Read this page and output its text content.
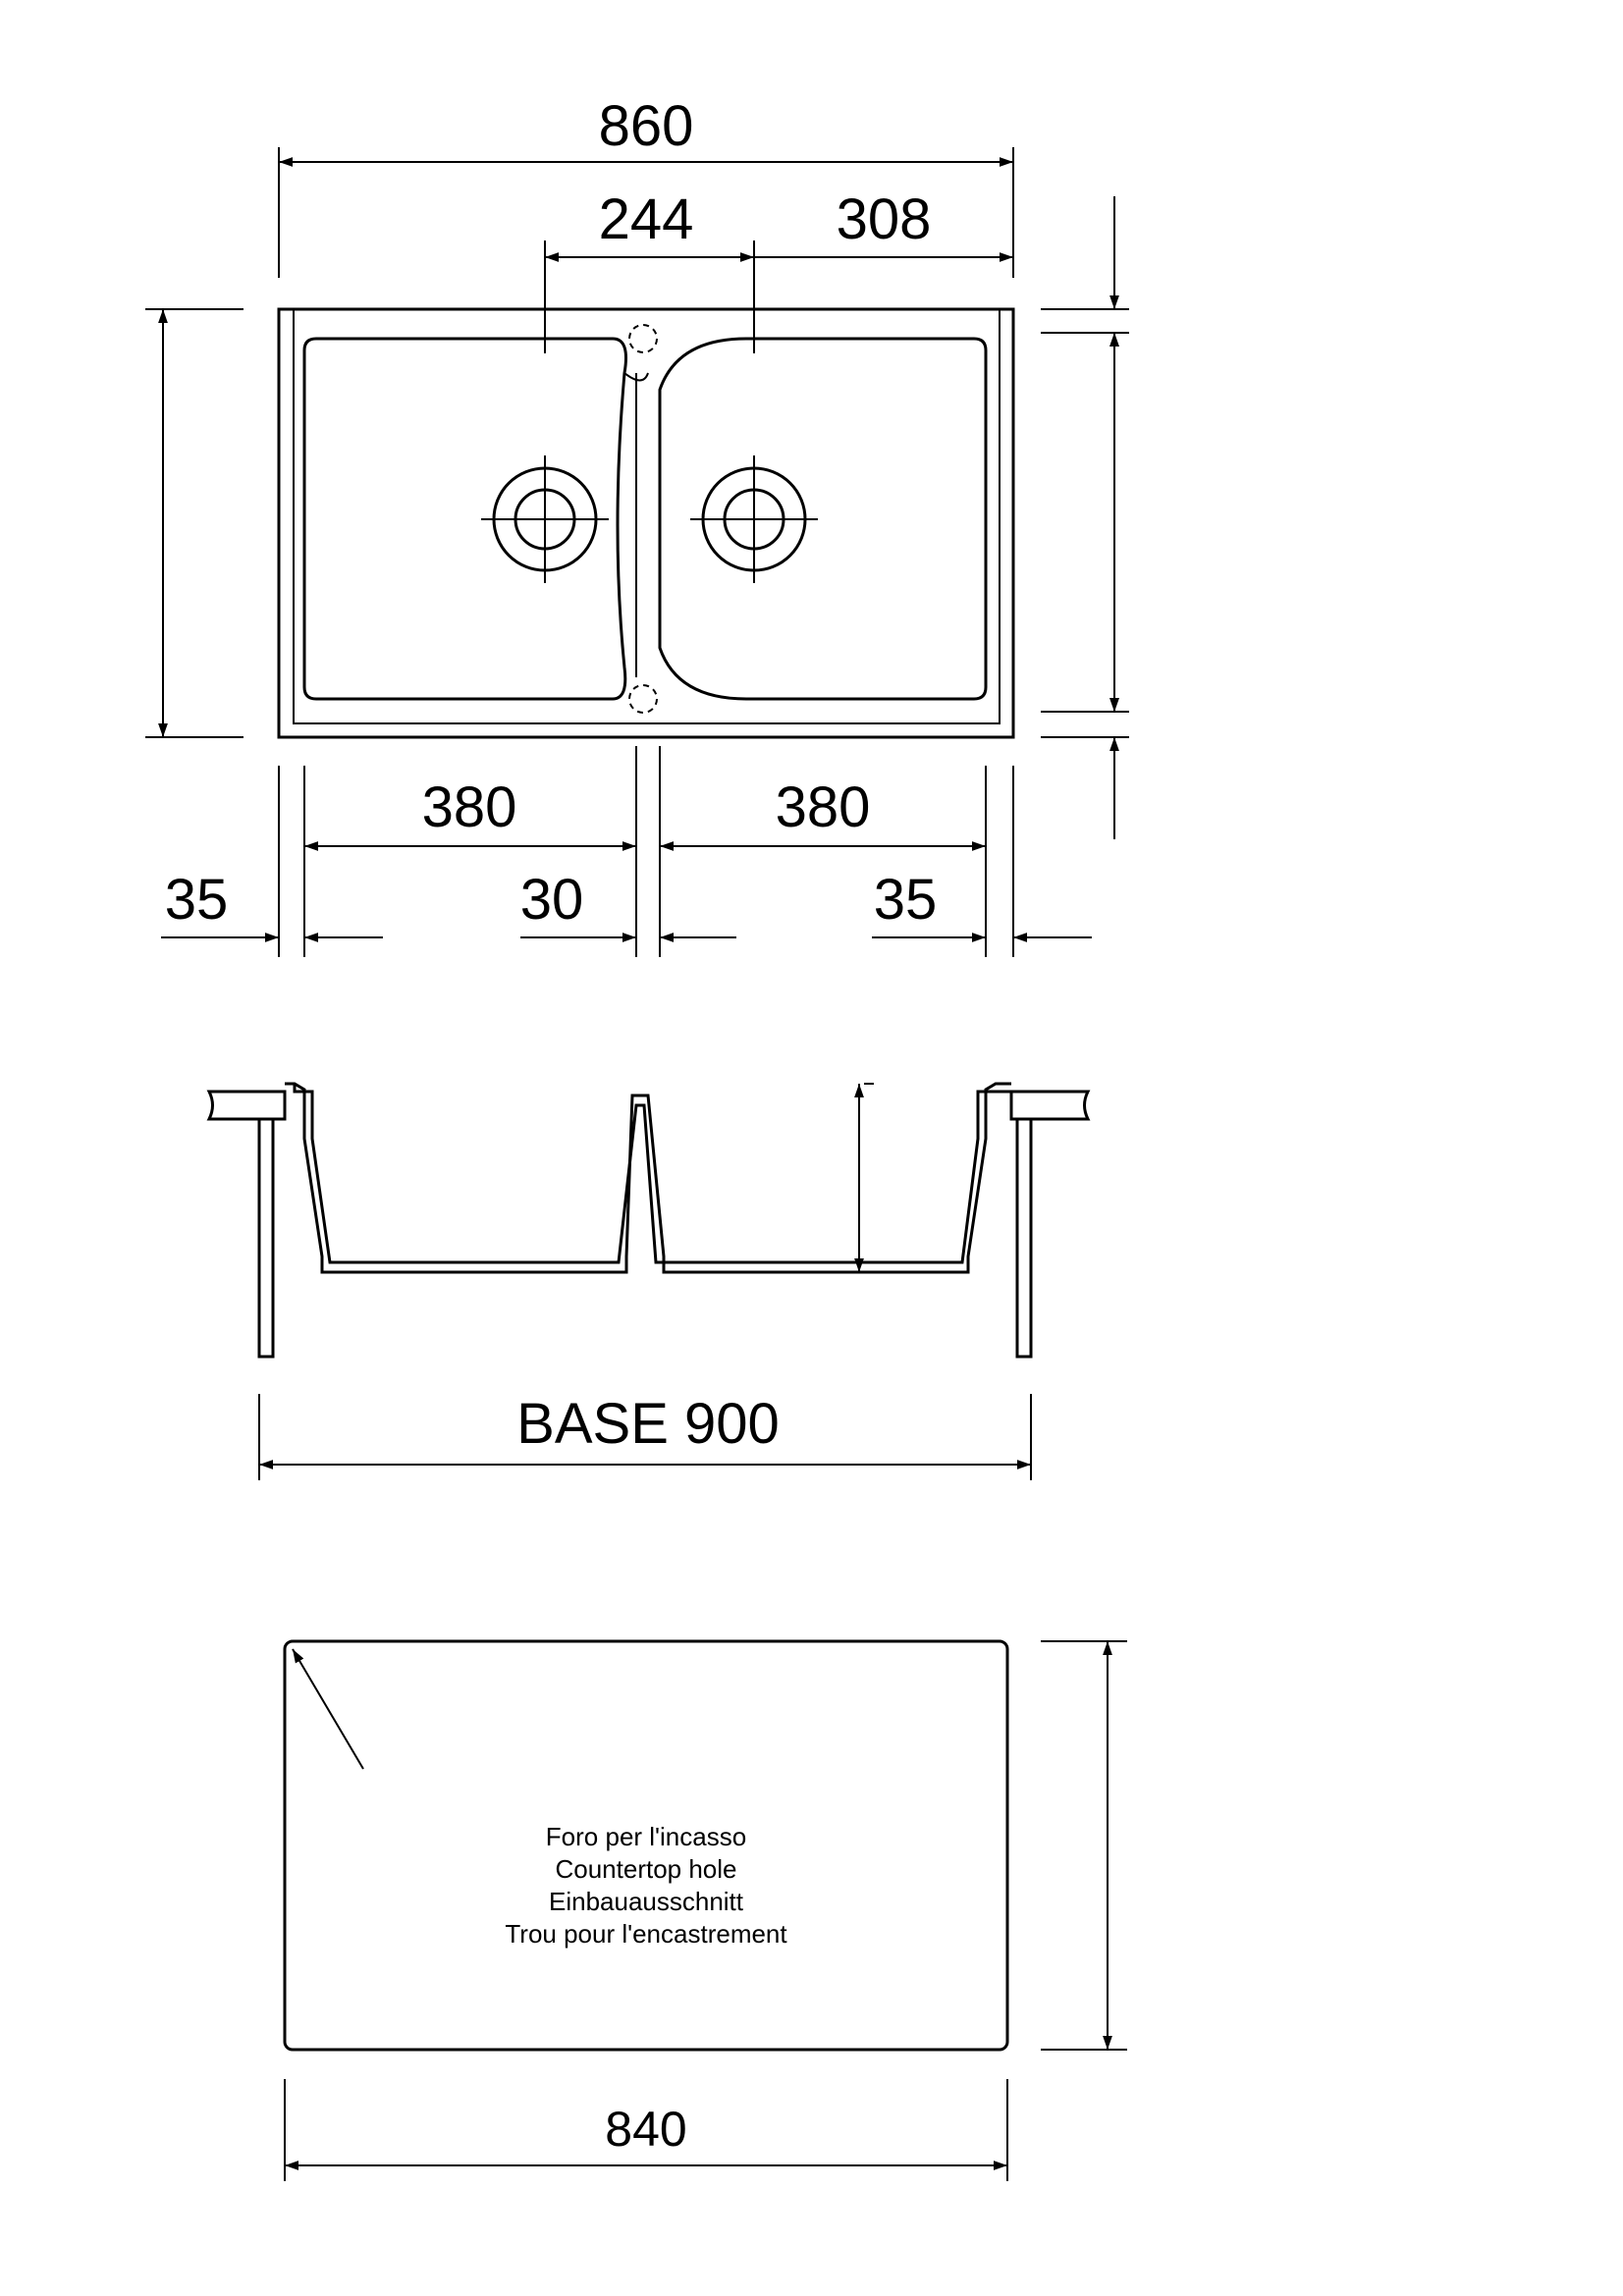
860
244	308
380	380
35	30	35
BASE 900
Foro per l'incasso
Countertop hole
Einbauausschnitt
Trou pour l'encastrement
840
